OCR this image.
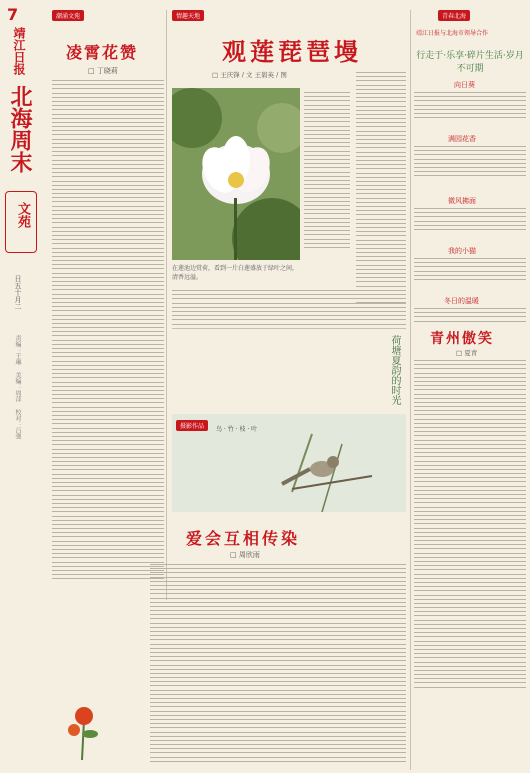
7
靖江日报
北海周末
文苑
日五十月二
责编：王琳 美编：周萍 校对：吕强
潮涌文苑
凌霄花赞
□ 丁晓莉
情趣天地
观莲琵琶墁
□ 王庆锋 / 文 王碧英 / 图
在莲池边赏荷，看到一片白莲盛放于绿叶之间，清香远溢。
荷塘夏韵的时光
摄影作品	鸟 · 竹 · 枝 · 叶
爱会互相传染
□ 周欣雨
青春北海
靖江日报与北海市领导合作
行走于·乐享·碎片生活·岁月不可期
向日葵
满园花香
微风拂面
我的小猫
冬日的温暖
青州傲笑
□ 夏青
